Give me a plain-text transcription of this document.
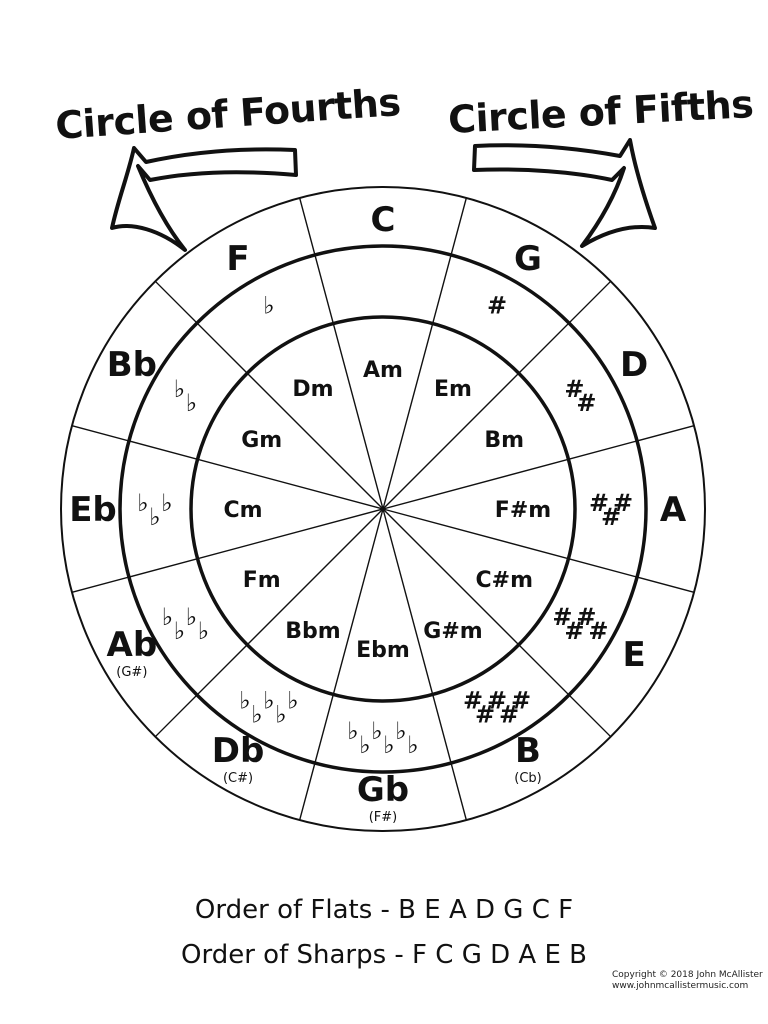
C
Am
G
#
Em
D
#
#
Bm
A
#
#
#
F#m
E
#
#
#
#
C#m
B
(Cb)
#
#
#
#
#
G#m
Gb
(F#)
♭ ♭ ♭ ♭ ♭ ♭
Ebm
Db
(C#)
♭ ♭ ♭ ♭ ♭
Bbm
Ab
(G#)
♭ ♭ ♭ ♭
Fm
Eb ♭ ♭ ♭ Cm
Bb
♭ ♭
Gm
F
♭
Dm
Circle of Fourths Circle of Fifths
Order of Flats - B E A D G C F
Order of Sharps - F C G D A E B
Copyright © 2018 John McAllister
www.johnmcallistermusic.com
